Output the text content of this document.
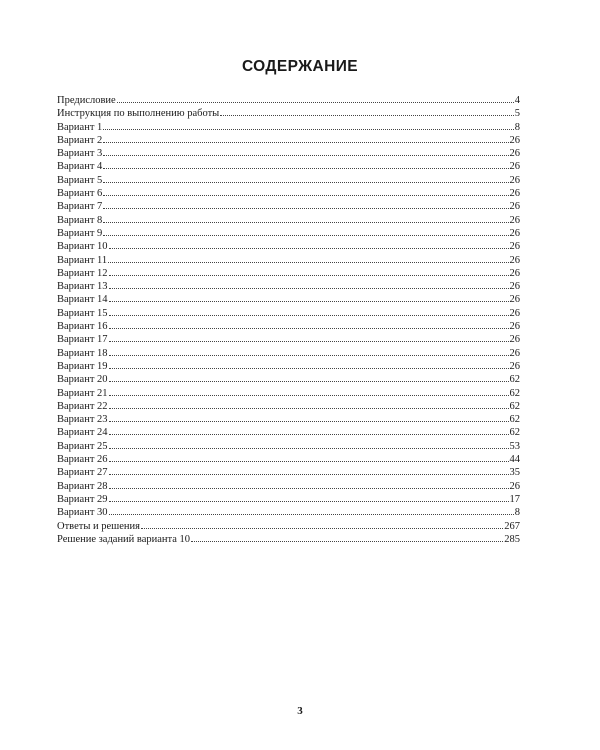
СОДЕРЖАНИЕ
Предисловие	4
Инструкция по выполнению работы	5
Вариант 1	8
Вариант 2	26
Вариант 3	26
Вариант 4	26
Вариант 5	26
Вариант 6	26
Вариант 7	26
Вариант 8	26
Вариант 9	26
Вариант 10	26
Вариант 11	26
Вариант 12	26
Вариант 13	26
Вариант 14	26
Вариант 15	26
Вариант 16	26
Вариант 17	26
Вариант 18	26
Вариант 19	26
Вариант 20	62
Вариант 21	62
Вариант 22	62
Вариант 23	62
Вариант 24	62
Вариант 25	53
Вариант 26	44
Вариант 27	35
Вариант 28	26
Вариант 29	17
Вариант 30	8
Ответы и решения	267
Решение заданий варианта 10	285
3
